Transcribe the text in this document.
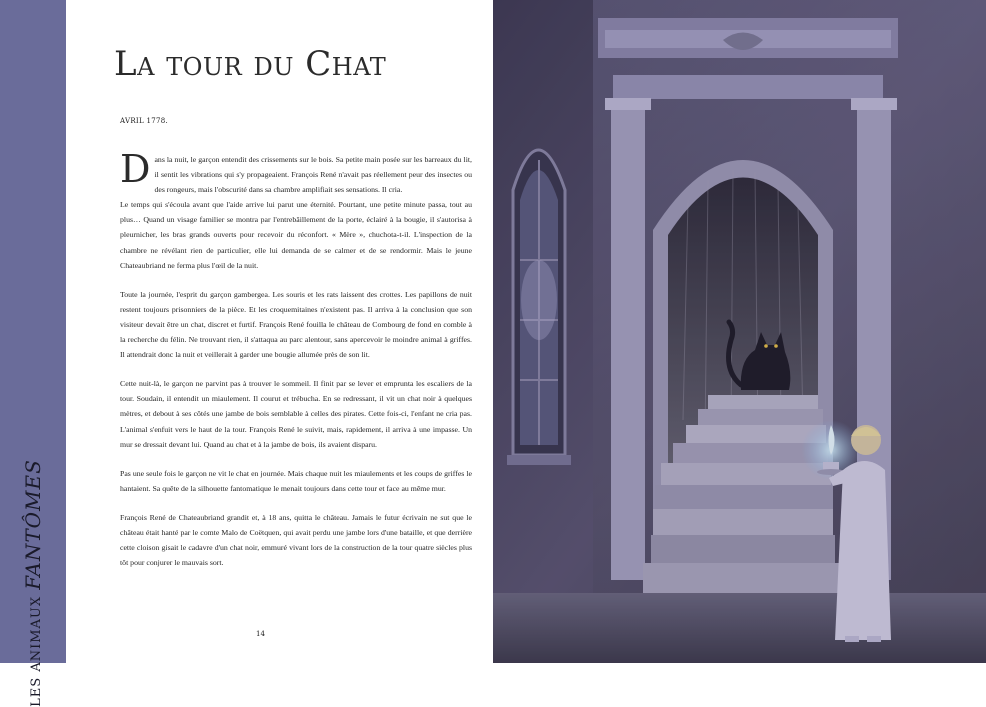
LES ANIMAUX FANTÔMES
La tour du Chat
AVRIL 1778.

Dans la nuit, le garçon entendit des crissements sur le bois. Sa petite main posée sur les barreaux du lit, il sentit les vibrations qui s'y propageaient. François René n'avait pas réellement peur des insectes ou des rongeurs, mais l'obscurité dans sa chambre amplifiait ses sensations. Il cria.

Le temps qui s'écoula avant que l'aide arrive lui parut une éternité. Pourtant, une petite minute passa, tout au plus… Quand un visage familier se montra par l'entrebâillement de la porte, éclairé à la bougie, il s'autorisa à pleurnicher, les bras grands ouverts pour recevoir du réconfort. « Mère », chuchota-t-il. L'inspection de la chambre ne révélant rien de particulier, elle lui demanda de se calmer et de se rendormir. Mais le jeune Chateaubriand ne ferma plus l'œil de la nuit.

Toute la journée, l'esprit du garçon gambergea. Les souris et les rats laissent des crottes. Les papillons de nuit restent toujours prisonniers de la pièce. Et les croquemitaines n'existent pas. Il arriva à la conclusion que son visiteur devait être un chat, discret et furtif. François René fouilla le château de Combourg de fond en comble à la recherche du félin. Ne trouvant rien, il s'attaqua au parc alentour, sans apercevoir le moindre animal à griffes. Il attendrait donc la nuit et veillerait à garder une bougie allumée près de son lit.

Cette nuit-là, le garçon ne parvint pas à trouver le sommeil. Il finit par se lever et emprunta les escaliers de la tour. Soudain, il entendit un miaulement. Il courut et trébucha. En se redressant, il vit un chat noir à quelques mètres, et debout à ses côtés une jambe de bois semblable à celles des pirates. Cette fois-ci, l'enfant ne cria pas. L'animal s'enfuit vers le haut de la tour. François René le suivit, mais, rapidement, il arriva à une impasse. Un mur se dressait devant lui. Quand au chat et à la jambe de bois, ils avaient disparu.

Pas une seule fois le garçon ne vit le chat en journée. Mais chaque nuit les miaulements et les coups de griffes le hantaient. Sa quête de la silhouette fantomatique le menait toujours dans cette tour et face au même mur.

François René de Chateaubriand grandit et, à 18 ans, quitta le château. Jamais le futur écrivain ne sut que le château était hanté par le comte Malo de Coëtquen, qui avait perdu une jambe lors d'une bataille, et que derrière cette cloison gisait le cadavre d'un chat noir, emmuré vivant lors de la construction de la tour quatre siècles plus tôt pour conjurer le mauvais sort.

14
